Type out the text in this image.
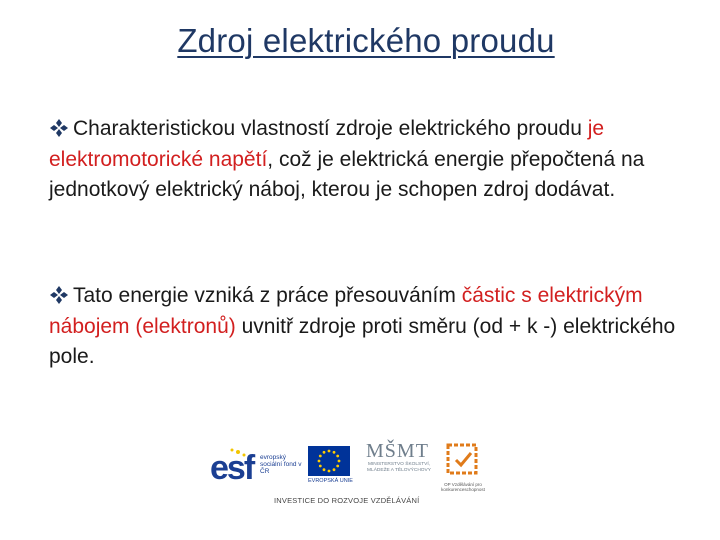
Zdroj elektrického proudu
Charakteristickou vlastností zdroje elektrického proudu je elektromotorické napětí, což je elektrická energie přepočtená na jednotkový elektrický náboj, kterou je schopen zdroj dodávat.
Tato energie vzniká z práce přesouváním částic s elektrickým nábojem (elektronů) uvnitř zdroje proti směru (od + k -) elektrického pole.
esf evropský sociální fond v ČR
EVROPSKÁ UNIE
MŠMT
MINISTERSTVO ŠKOLSTVÍ, MLÁDEŽE A TĚLOVÝCHOVY
OP Vzdělávání pro konkurenceschopnost
INVESTICE DO ROZVOJE VZDĚLÁVÁNÍ
